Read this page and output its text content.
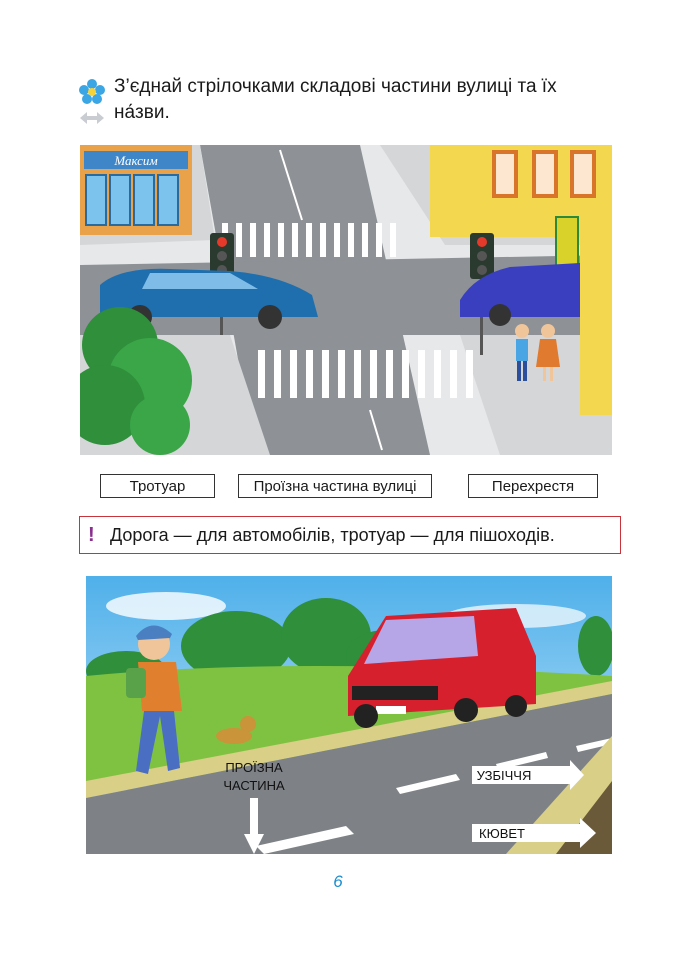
З’єднай стрілочками складові частини вулиці та їх
на́зви.
Максим
Тротуар	Проїзна частина вулиці	Перехрестя
! Дорога — для автомобілів, тротуар — для пішоходів.
ПРОЇЗНА
ЧАСТИНА
УЗБІЧЧЯ
КЮВЕТ
6
